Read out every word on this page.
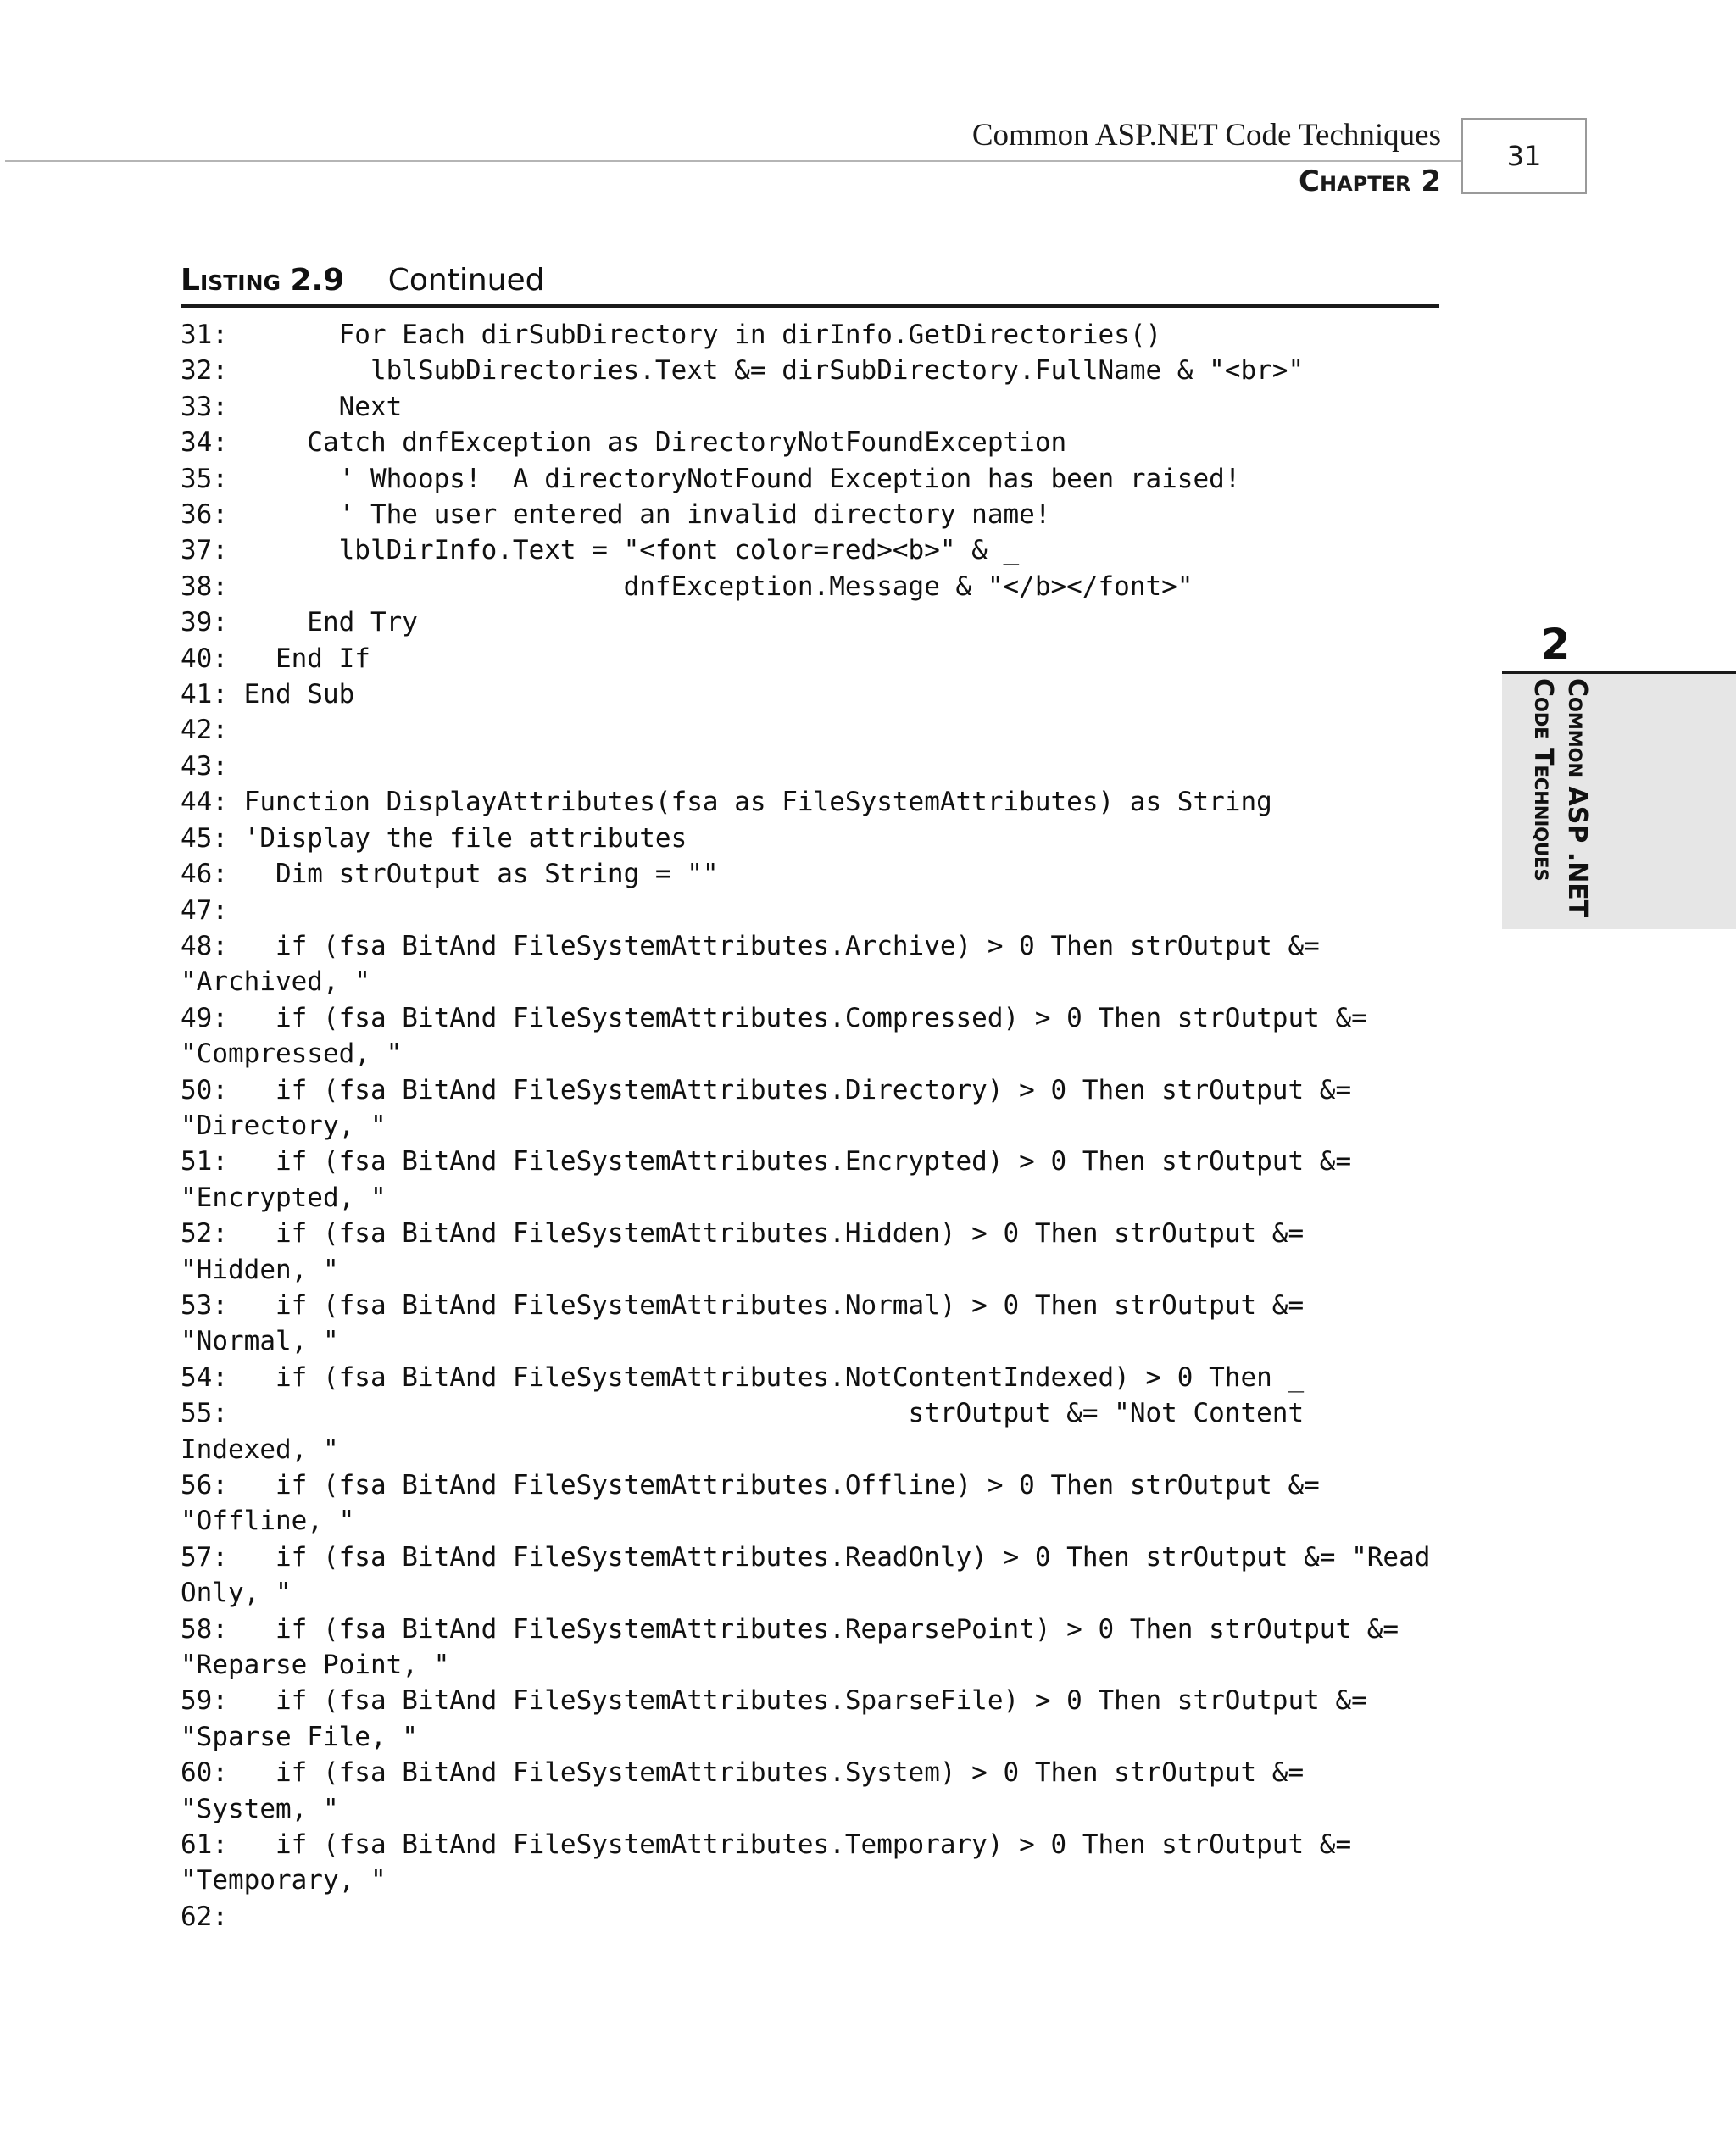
Common ASP.NET Code Techniques
Chapter 2
31
2
Common ASP .NET
Code Techniques
Listing 2.9 Continued
31:       For Each dirSubDirectory in dirInfo.GetDirectories()
32:         lblSubDirectories.Text &= dirSubDirectory.FullName & "<br>"
33:       Next
34:     Catch dnfException as DirectoryNotFoundException
35:       ' Whoops!  A directoryNotFound Exception has been raised!
36:       ' The user entered an invalid directory name!
37:       lblDirInfo.Text = "<font color=red><b>" & _
38:                         dnfException.Message & "</b></font>"
39:     End Try
40:   End If
41: End Sub
42:
43:
44: Function DisplayAttributes(fsa as FileSystemAttributes) as String
45: 'Display the file attributes
46:   Dim strOutput as String = ""
47:
48:   if (fsa BitAnd FileSystemAttributes.Archive) > 0 Then strOutput &=
"Archived, "
49:   if (fsa BitAnd FileSystemAttributes.Compressed) > 0 Then strOutput &=
"Compressed, "
50:   if (fsa BitAnd FileSystemAttributes.Directory) > 0 Then strOutput &=
"Directory, "
51:   if (fsa BitAnd FileSystemAttributes.Encrypted) > 0 Then strOutput &=
"Encrypted, "
52:   if (fsa BitAnd FileSystemAttributes.Hidden) > 0 Then strOutput &=
"Hidden, "
53:   if (fsa BitAnd FileSystemAttributes.Normal) > 0 Then strOutput &=
"Normal, "
54:   if (fsa BitAnd FileSystemAttributes.NotContentIndexed) > 0 Then _
55:                                           strOutput &= "Not Content
Indexed, "
56:   if (fsa BitAnd FileSystemAttributes.Offline) > 0 Then strOutput &=
"Offline, "
57:   if (fsa BitAnd FileSystemAttributes.ReadOnly) > 0 Then strOutput &= "Read
Only, "
58:   if (fsa BitAnd FileSystemAttributes.ReparsePoint) > 0 Then strOutput &=
"Reparse Point, "
59:   if (fsa BitAnd FileSystemAttributes.SparseFile) > 0 Then strOutput &=
"Sparse File, "
60:   if (fsa BitAnd FileSystemAttributes.System) > 0 Then strOutput &=
"System, "
61:   if (fsa BitAnd FileSystemAttributes.Temporary) > 0 Then strOutput &=
"Temporary, "
62:
